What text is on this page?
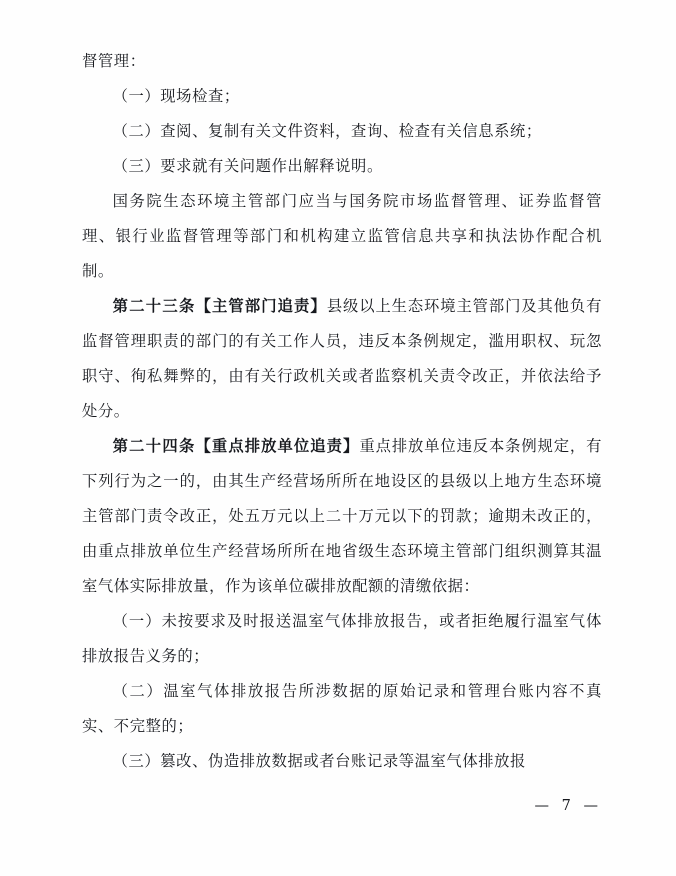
督管理：

（一）现场检查；

（二）查阅、复制有关文件资料，查询、检查有关信息系统；

（三）要求就有关问题作出解释说明。

国务院生态环境主管部门应当与国务院市场监督管理、证券监督管理、银行业监督管理等部门和机构建立监管信息共享和执法协作配合机制。

第二十三条【主管部门追责】县级以上生态环境主管部门及其他负有监督管理职责的部门的有关工作人员，违反本条例规定，滥用职权、玩忽职守、徇私舞弊的，由有关行政机关或者监察机关责令改正，并依法给予处分。

第二十四条【重点排放单位追责】重点排放单位违反本条例规定，有下列行为之一的，由其生产经营场所所在地设区的县级以上地方生态环境主管部门责令改正，处五万元以上二十万元以下的罚款；逾期未改正的，由重点排放单位生产经营场所所在地省级生态环境主管部门组织测算其温室气体实际排放量，作为该单位碳排放配额的清缴依据：

（一）未按要求及时报送温室气体排放报告，或者拒绝履行温室气体排放报告义务的；

（二）温室气体排放报告所涉数据的原始记录和管理台账内容不真实、不完整的；

（三）篡改、伪造排放数据或者台账记录等温室气体排放报

— 7 —
